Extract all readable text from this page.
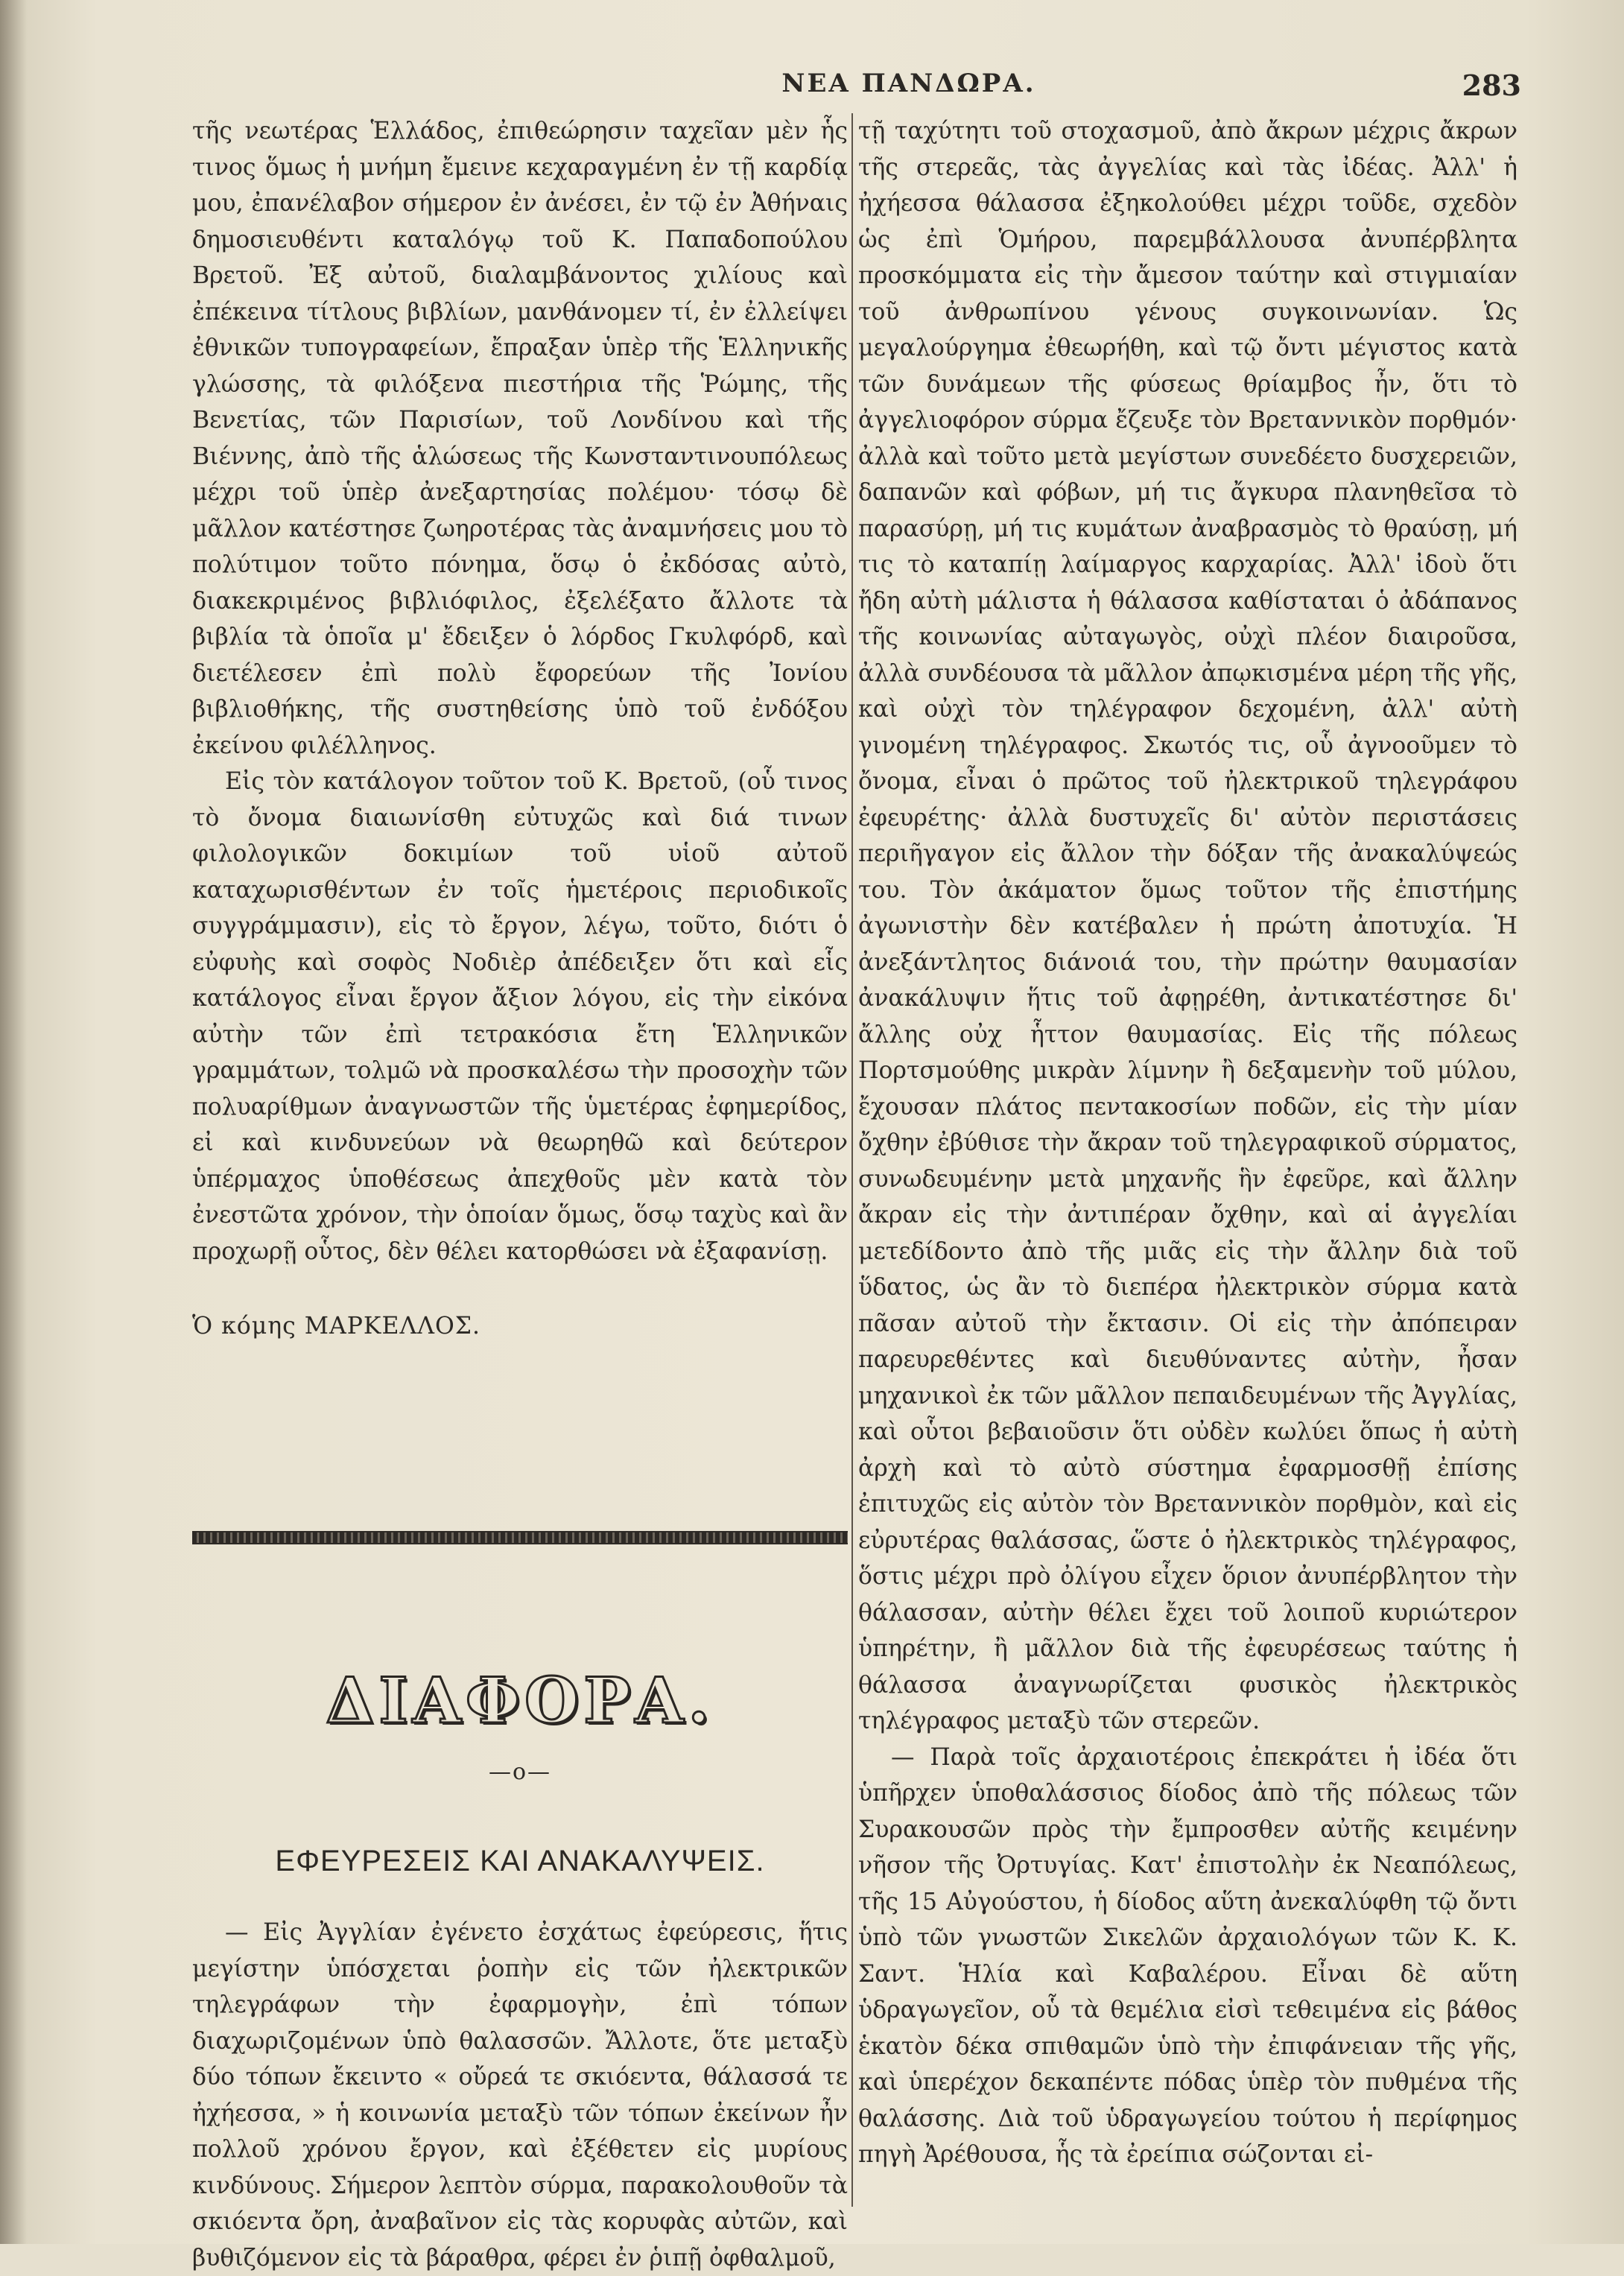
ΝΕΑ ΠΑΝΔΩΡΑ.	283

τῆς νεωτέρας Ἑλλάδος, ἐπιθεώρησιν ταχεῖαν μὲν ἧς τινος ὅμως ἡ μνήμη ἔμεινε κεχαραγμένη ἐν τῇ καρδίᾳ μου, ἐπανέλαβον σήμερον ἐν ἀνέσει, ἐν τῷ ἐν Ἀθήναις δημοσιευθέντι καταλόγῳ τοῦ Κ. Παπαδοπούλου Βρετοῦ. Ἐξ αὐτοῦ, διαλαμβάνοντος χιλίους καὶ ἐπέκεινα τίτλους βιβλίων, μανθάνομεν τί, ἐν ἐλλείψει ἐθνικῶν τυπογραφείων, ἔπραξαν ὑπὲρ τῆς Ἑλληνικῆς γλώσσης, τὰ φιλόξενα πιεστήρια τῆς Ῥώμης, τῆς Βενετίας, τῶν Παρισίων, τοῦ Λονδίνου καὶ τῆς Βιέννης, ἀπὸ τῆς ἁλώσεως τῆς Κωνσταντινουπόλεως μέχρι τοῦ ὑπὲρ ἀνεξαρτησίας πολέμου· τόσῳ δὲ μᾶλλον κατέστησε ζωηροτέρας τὰς ἀναμνήσεις μου τὸ πολύτιμον τοῦτο πόνημα, ὅσῳ ὁ ἐκδόσας αὐτὸ, διακεκριμένος βιβλιόφιλος, ἐξελέξατο ἄλλοτε τὰ βιβλία τὰ ὁποῖα μ' ἔδειξεν ὁ λόρδος Γκυλφόρδ, καὶ διετέλεσεν ἐπὶ πολὺ ἔφορεύων τῆς Ἰονίου βιβλιοθήκης, τῆς συστηθείσης ὑπὸ τοῦ ἐνδόξου ἐκείνου φιλέλληνος.

Εἰς τὸν κατάλογον τοῦτον τοῦ Κ. Βρετοῦ, (οὗ τινος τὸ ὄνομα διαιωνίσθη εὐτυχῶς καὶ διά τινων φιλολογικῶν δοκιμίων τοῦ υἱοῦ αὐτοῦ καταχωρισθέντων ἐν τοῖς ἡμετέροις περιοδικοῖς συγγράμμασιν), εἰς τὸ ἔργον, λέγω, τοῦτο, διότι ὁ εὐφυὴς καὶ σοφὸς Νοδιὲρ ἀπέδειξεν ὅτι καὶ εἷς κατάλογος εἶναι ἔργον ἄξιον λόγου, εἰς τὴν εἰκόνα αὐτὴν τῶν ἐπὶ τετρακόσια ἔτη Ἑλληνικῶν γραμμάτων, τολμῶ νὰ προσκαλέσω τὴν προσοχὴν τῶν πολυαρίθμων ἀναγνωστῶν τῆς ὑμετέρας ἐφημερίδος, εἰ καὶ κινδυνεύων νὰ θεωρηθῶ καὶ δεύτερον ὑπέρμαχος ὑποθέσεως ἀπεχθοῦς μὲν κατὰ τὸν ἐνεστῶτα χρόνον, τὴν ὁποίαν ὅμως, ὅσῳ ταχὺς καὶ ἂν προχωρῇ οὗτος, δὲν θέλει κατορθώσει νὰ ἐξαφανίσῃ.

Ὁ κόμης ΜΑΡΚΕΛΛΟΣ.

ΔΙΑΦΟΡΑ.
—o—
ΕΦΕΥΡΕΣΕΙΣ ΚΑΙ ΑΝΑΚΑΛΥΨΕΙΣ.

— Εἰς Ἀγγλίαν ἐγένετο ἐσχάτως ἐφεύρεσις, ἥτις μεγίστην ὑπόσχεται ῥοπὴν εἰς τῶν ἠλεκτρικῶν τηλεγράφων τὴν ἐφαρμογὴν, ἐπὶ τόπων διαχωριζομένων ὑπὸ θαλασσῶν. Ἄλλοτε, ὅτε μεταξὺ δύο τόπων ἔκειντο « οὔρεά τε σκιόεντα, θάλασσά τε ἠχήεσσα, » ἡ κοινωνία μεταξὺ τῶν τόπων ἐκείνων ἦν πολλοῦ χρόνου ἔργον, καὶ ἐξέθετεν εἰς μυρίους κινδύνους. Σήμερον λεπτὸν σύρμα, παρακολουθοῦν τὰ σκιόεντα ὄρη, ἀναβαῖνον εἰς τὰς κορυφὰς αὐτῶν, καὶ βυθιζόμενον εἰς τὰ βάραθρα, φέρει ἐν ῥιπῇ ὀφθαλμοῦ,

τῇ ταχύτητι τοῦ στοχασμοῦ, ἀπὸ ἄκρων μέχρις ἄκρων τῆς στερεᾶς, τὰς ἀγγελίας καὶ τὰς ἰδέας. Ἀλλ' ἡ ἠχήεσσα θάλασσα ἐξηκολούθει μέχρι τοῦδε, σχεδὸν ὡς ἐπὶ Ὁμήρου, παρεμβάλλουσα ἀνυπέρβλητα προσκόμματα εἰς τὴν ἄμεσον ταύτην καὶ στιγμιαίαν τοῦ ἀνθρωπίνου γένους συγκοινωνίαν. Ὡς μεγαλούργημα ἐθεωρήθη, καὶ τῷ ὄντι μέγιστος κατὰ τῶν δυνάμεων τῆς φύσεως θρίαμβος ἦν, ὅτι τὸ ἀγγελιοφόρον σύρμα ἔζευξε τὸν Βρεταννικὸν πορθμόν· ἀλλὰ καὶ τοῦτο μετὰ μεγίστων συνεδέετο δυσχερειῶν, δαπανῶν καὶ φόβων, μή τις ἄγκυρα πλανηθεῖσα τὸ παρασύρῃ, μή τις κυμάτων ἀναβρασμὸς τὸ θραύσῃ, μή τις τὸ καταπίῃ λαίμαργος καρχαρίας. Ἀλλ' ἰδοὺ ὅτι ἤδη αὐτὴ μάλιστα ἡ θάλασσα καθίσταται ὁ ἀδάπανος τῆς κοινωνίας αὐταγωγὸς, οὐχὶ πλέον διαιροῦσα, ἀλλὰ συνδέουσα τὰ μᾶλλον ἀπῳκισμένα μέρη τῆς γῆς, καὶ οὐχὶ τὸν τηλέγραφον δεχομένη, ἀλλ' αὐτὴ γινομένη τηλέγραφος. Σκωτός τις, οὗ ἀγνοοῦμεν τὸ ὄνομα, εἶναι ὁ πρῶτος τοῦ ἠλεκτρικοῦ τηλεγράφου ἐφευρέτης· ἀλλὰ δυστυχεῖς δι' αὐτὸν περιστάσεις περιῆγαγον εἰς ἄλλον τὴν δόξαν τῆς ἀνακαλύψεώς του. Τὸν ἀκάματον ὅμως τοῦτον τῆς ἐπιστήμης ἀγωνιστὴν δὲν κατέβαλεν ἡ πρώτη ἀποτυχία. Ἡ ἀνεξάντλητος διάνοιά του, τὴν πρώτην θαυμασίαν ἀνακάλυψιν ἥτις τοῦ ἀφῃρέθη, ἀντικατέστησε δι' ἄλλης οὐχ ἧττον θαυμασίας. Εἰς τῆς πόλεως Πορτσμούθης μικρὰν λίμνην ἢ δεξαμενὴν τοῦ μύλου, ἔχουσαν πλάτος πεντακοσίων ποδῶν, εἰς τὴν μίαν ὄχθην ἐβύθισε τὴν ἄκραν τοῦ τηλεγραφικοῦ σύρματος, συνωδευμένην μετὰ μηχανῆς ἣν ἐφεῦρε, καὶ ἄλλην ἄκραν εἰς τὴν ἀντιπέραν ὄχθην, καὶ αἱ ἀγγελίαι μετεδίδοντο ἀπὸ τῆς μιᾶς εἰς τὴν ἄλλην διὰ τοῦ ὕδατος, ὡς ἂν τὸ διεπέρα ἠλεκτρικὸν σύρμα κατὰ πᾶσαν αὐτοῦ τὴν ἔκτασιν. Οἱ εἰς τὴν ἀπόπειραν παρευρεθέντες καὶ διευθύναντες αὐτὴν, ἦσαν μηχανικοὶ ἐκ τῶν μᾶλλον πεπαιδευμένων τῆς Ἀγγλίας, καὶ οὗτοι βεβαιοῦσιν ὅτι οὐδὲν κωλύει ὅπως ἡ αὐτὴ ἀρχὴ καὶ τὸ αὐτὸ σύστημα ἐφαρμοσθῇ ἐπίσης ἐπιτυχῶς εἰς αὐτὸν τὸν Βρεταννικὸν πορθμὸν, καὶ εἰς εὐρυτέρας θαλάσσας, ὥστε ὁ ἠλεκτρικὸς τηλέγραφος, ὅστις μέχρι πρὸ ὀλίγου εἶχεν ὅριον ἀνυπέρβλητον τὴν θάλασσαν, αὐτὴν θέλει ἔχει τοῦ λοιποῦ κυριώτερον ὑπηρέτην, ἢ μᾶλλον διὰ τῆς ἐφευρέσεως ταύτης ἡ θάλασσα ἀναγνωρίζεται φυσικὸς ἠλεκτρικὸς τηλέγραφος μεταξὺ τῶν στερεῶν.

— Παρὰ τοῖς ἀρχαιοτέροις ἐπεκράτει ἡ ἰδέα ὅτι ὑπῆρχεν ὑποθαλάσσιος δίοδος ἀπὸ τῆς πόλεως τῶν Συρακουσῶν πρὸς τὴν ἔμπροσθεν αὐτῆς κειμένην νῆσον τῆς Ὀρτυγίας. Κατ' ἐπιστολὴν ἐκ Νεαπόλεως, τῆς 15 Αὐγούστου, ἡ δίοδος αὕτη ἀνεκαλύφθη τῷ ὄντι ὑπὸ τῶν γνωστῶν Σικελῶν ἀρχαιολόγων τῶν Κ. Κ. Σαντ. Ἡλία καὶ Καβαλέρου. Εἶναι δὲ αὕτη ὑδραγωγεῖον, οὗ τὰ θεμέλια εἰσὶ τεθειμένα εἰς βάθος ἑκατὸν δέκα σπιθαμῶν ὑπὸ τὴν ἐπιφάνειαν τῆς γῆς, καὶ ὑπερέχον δεκαπέντε πόδας ὑπὲρ τὸν πυθμένα τῆς θαλάσσης. Διὰ τοῦ ὑδραγωγείου τούτου ἡ περίφημος πηγὴ Ἀρέθουσα, ἧς τὰ ἐρείπια σώζονται εἰ-
